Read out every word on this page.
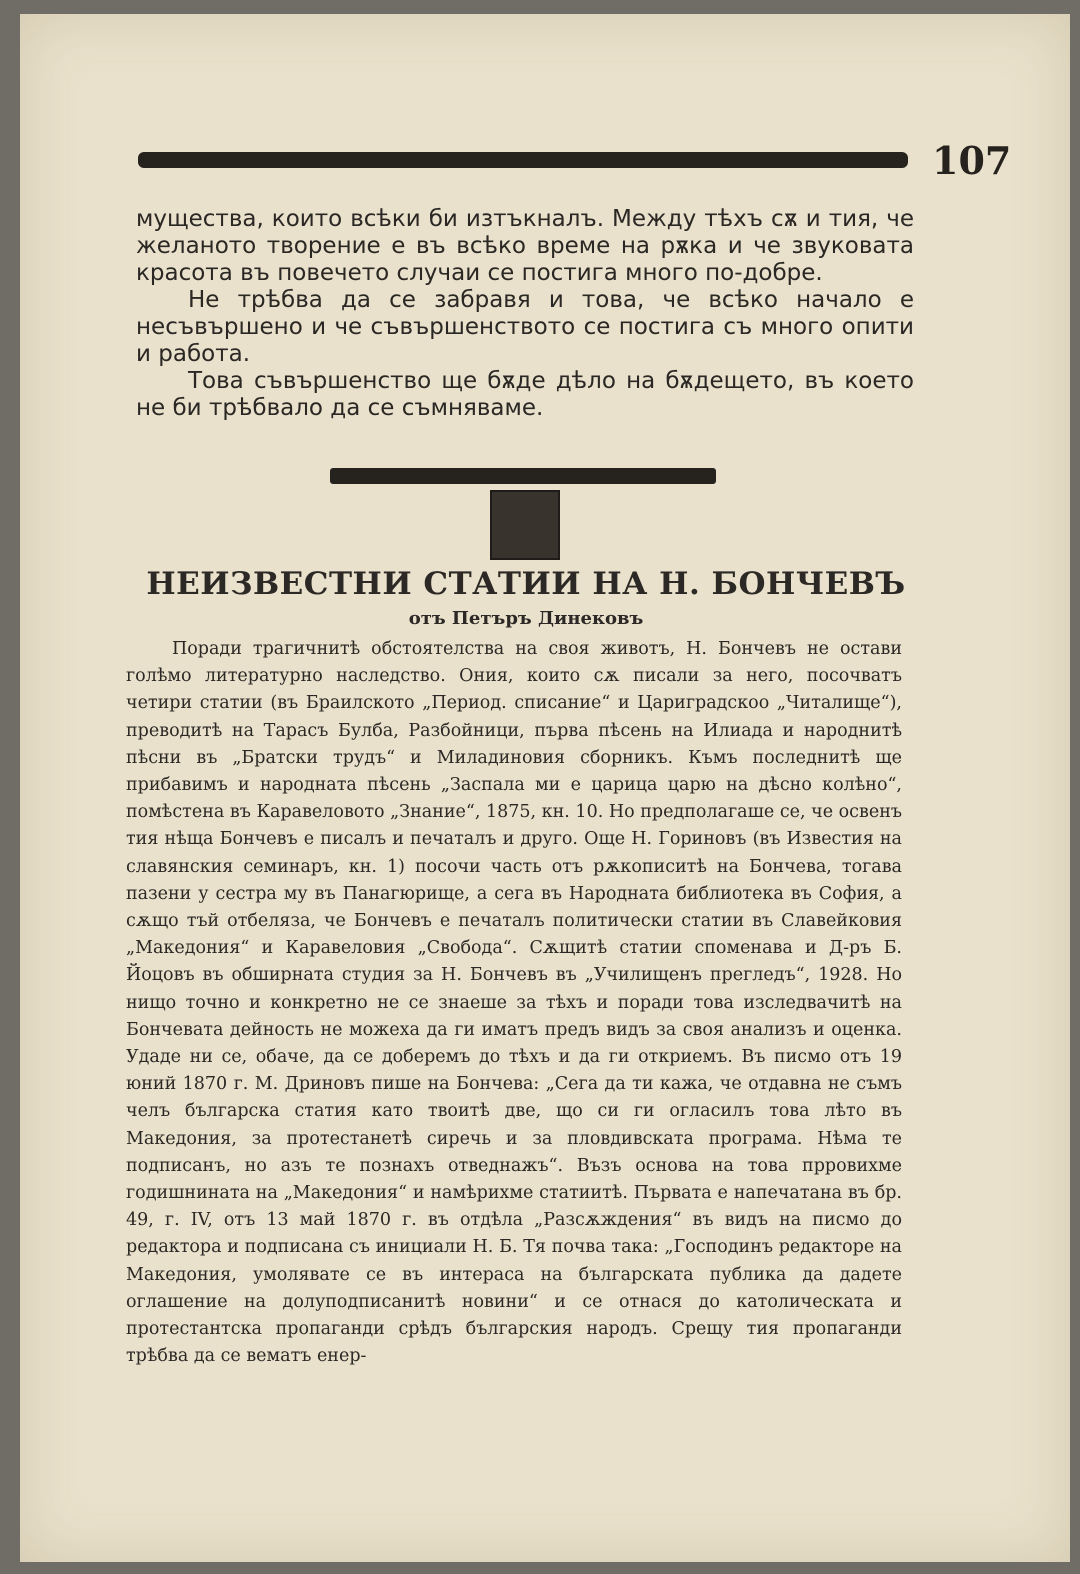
107

мущества, които всѣки би изтъкналъ. Между тѣхъ сѫ и тия, че желаното творение е въ всѣко време на рѫка и че звуковата красота въ повечето случаи се постига много по-добре.

Не трѣбва да се забравя и това, че всѣко начало е несъвършено и че съвършенството се постига съ много опити и работа.

Това съвършенство ще бѫде дѣло на бѫдещето, въ което не би трѣбвало да се съмняваме.

НЕИЗВЕСТНИ СТАТИИ НА Н. БОНЧЕВЪ
отъ Петъръ Динековъ

Поради трагичнитѣ обстоятелства на своя животъ, Н. Бончевъ не остави голѣмо литературно наследство. Ония, които сѫ писали за него, посочватъ четири статии (въ Браилското „Период. списание“ и Цариградскоо „Читалище“), преводитѣ на Тарасъ Булба, Разбойници, първа пѣсень на Илиада и народнитѣ пѣсни въ „Братски трудъ“ и Миладиновия сборникъ. Къмъ последнитѣ ще прибавимъ и народната пѣсень „Заспала ми е царица царю на дѣсно колѣно“, помѣстена въ Каравеловото „Знание“, 1875, кн. 10. Но предполагаше се, че освенъ тия нѣща Бончевъ е писалъ и печаталъ и друго. Още Н. Гориновъ (въ Известия на славянския семинаръ, кн. 1) посочи часть отъ рѫкописитѣ на Бончева, тогава пазени у сестра му въ Панагюрище, а сега въ Народната библиотека въ София, а сѫщо тъй отбеляза, че Бончевъ е печаталъ политически статии въ Славейковия „Македония“ и Каравеловия „Свобода“. Сѫщитѣ статии споменава и Д-ръ Б. Йоцовъ въ обширната студия за Н. Бончевъ въ „Училищенъ прегледъ“, 1928. Но нищо точно и конкретно не се знаеше за тѣхъ и поради това изследвачитѣ на Бончевата дейность не можеха да ги иматъ предъ видъ за своя анализъ и оценка. Удаде ни се, обаче, да се доберемъ до тѣхъ и да ги откриемъ. Въ писмо отъ 19 юний 1870 г. М. Дриновъ пише на Бончева: „Сега да ти кажа, че отдавна не съмъ челъ българска статия като твоитѣ две, що си ги огласилъ това лѣто въ Македония, за протестанетѣ сиречь и за пловдивската програма. Нѣма те подписанъ, но азъ те познахъ отведнажъ“. Възъ основа на това прровихме годишнината на „Македония“ и намѣрихме статиитѣ. Първата е напечатана въ бр. 49, г. IV, отъ 13 май 1870 г. въ отдѣла „Разсѫждения“ въ видъ на писмо до редактора и подписана съ инициали Н. Б. Тя почва така: „Господинъ редакторе на Македония, умолявате се въ интераса на българската публика да дадете оглашение на долуподписанитѣ новини“ и се отнася до католическата и протестантска пропаганди срѣдъ българския народъ. Срещу тия пропаганди трѣбва да се вематъ енер-
